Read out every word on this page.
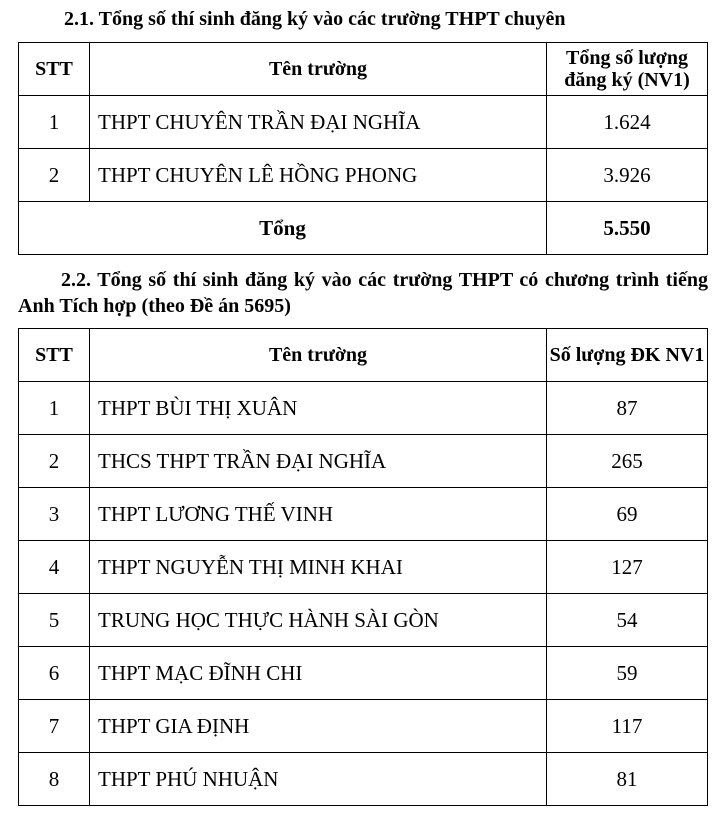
2.1. Tổng số thí sinh đăng ký vào các trường THPT chuyên

STT	Tên trường	Tổng số lượng đăng ký (NV1)
1	THPT CHUYÊN TRẦN ĐẠI NGHĨA	1.624
2	THPT CHUYÊN LÊ HỒNG PHONG	3.926
Tổng		5.550

2.2. Tổng số thí sinh đăng ký vào các trường THPT có chương trình tiếng Anh Tích hợp (theo Đề án 5695)

STT	Tên trường	Số lượng ĐK NV1
1	THPT BÙI THỊ XUÂN	87
2	THCS THPT TRẦN ĐẠI NGHĨA	265
3	THPT LƯƠNG THẾ VINH	69
4	THPT NGUYỄN THỊ MINH KHAI	127
5	TRUNG HỌC THỰC HÀNH SÀI GÒN	54
6	THPT MẠC ĐĨNH CHI	59
7	THPT GIA ĐỊNH	117
8	THPT PHÚ NHUẬN	81
